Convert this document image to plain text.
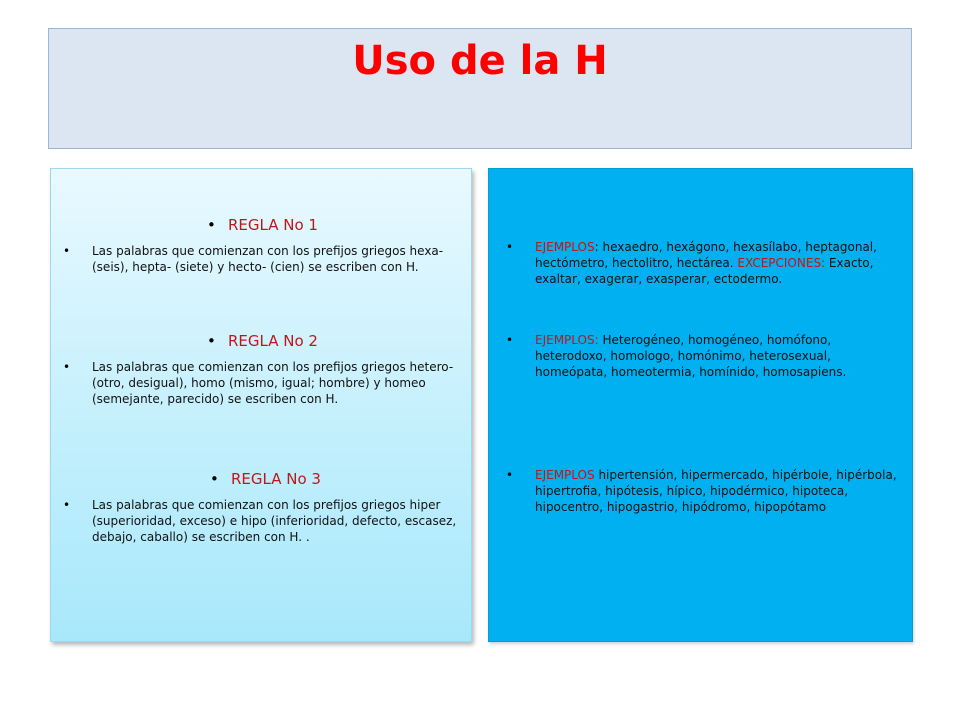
Uso de la H
• REGLA No 1
• Las palabras que comienzan con los prefijos griegos hexa- (seis), hepta- (siete) y hecto- (cien) se escriben con H.
• REGLA No 2
• Las palabras que comienzan con los prefijos griegos hetero- (otro, desigual), homo (mismo, igual; hombre) y homeo (semejante, parecido) se escriben con H.
• REGLA No 3
• Las palabras que comienzan con los prefijos griegos hiper (superioridad, exceso) e hipo (inferioridad, defecto, escasez, debajo, caballo) se escriben con H. .
• EJEMPLOS: hexaedro, hexágono, hexasílabo, heptagonal, hectómetro, hectolitro, hectárea. EXCEPCIONES: Exacto, exaltar, exagerar, exasperar, ectodermo.
• EJEMPLOS: Heterogéneo, homogéneo, homófono, heterodoxo, homologo, homónimo, heterosexual, homeópata, homeotermia, homínido, homosapiens.
• EJEMPLOS hipertensión, hipermercado, hipérbole, hipérbola, hipertrofia, hipótesis, hípico, hipodérmico, hipoteca, hipocentro, hipogastrio, hipódromo, hipopótamo
